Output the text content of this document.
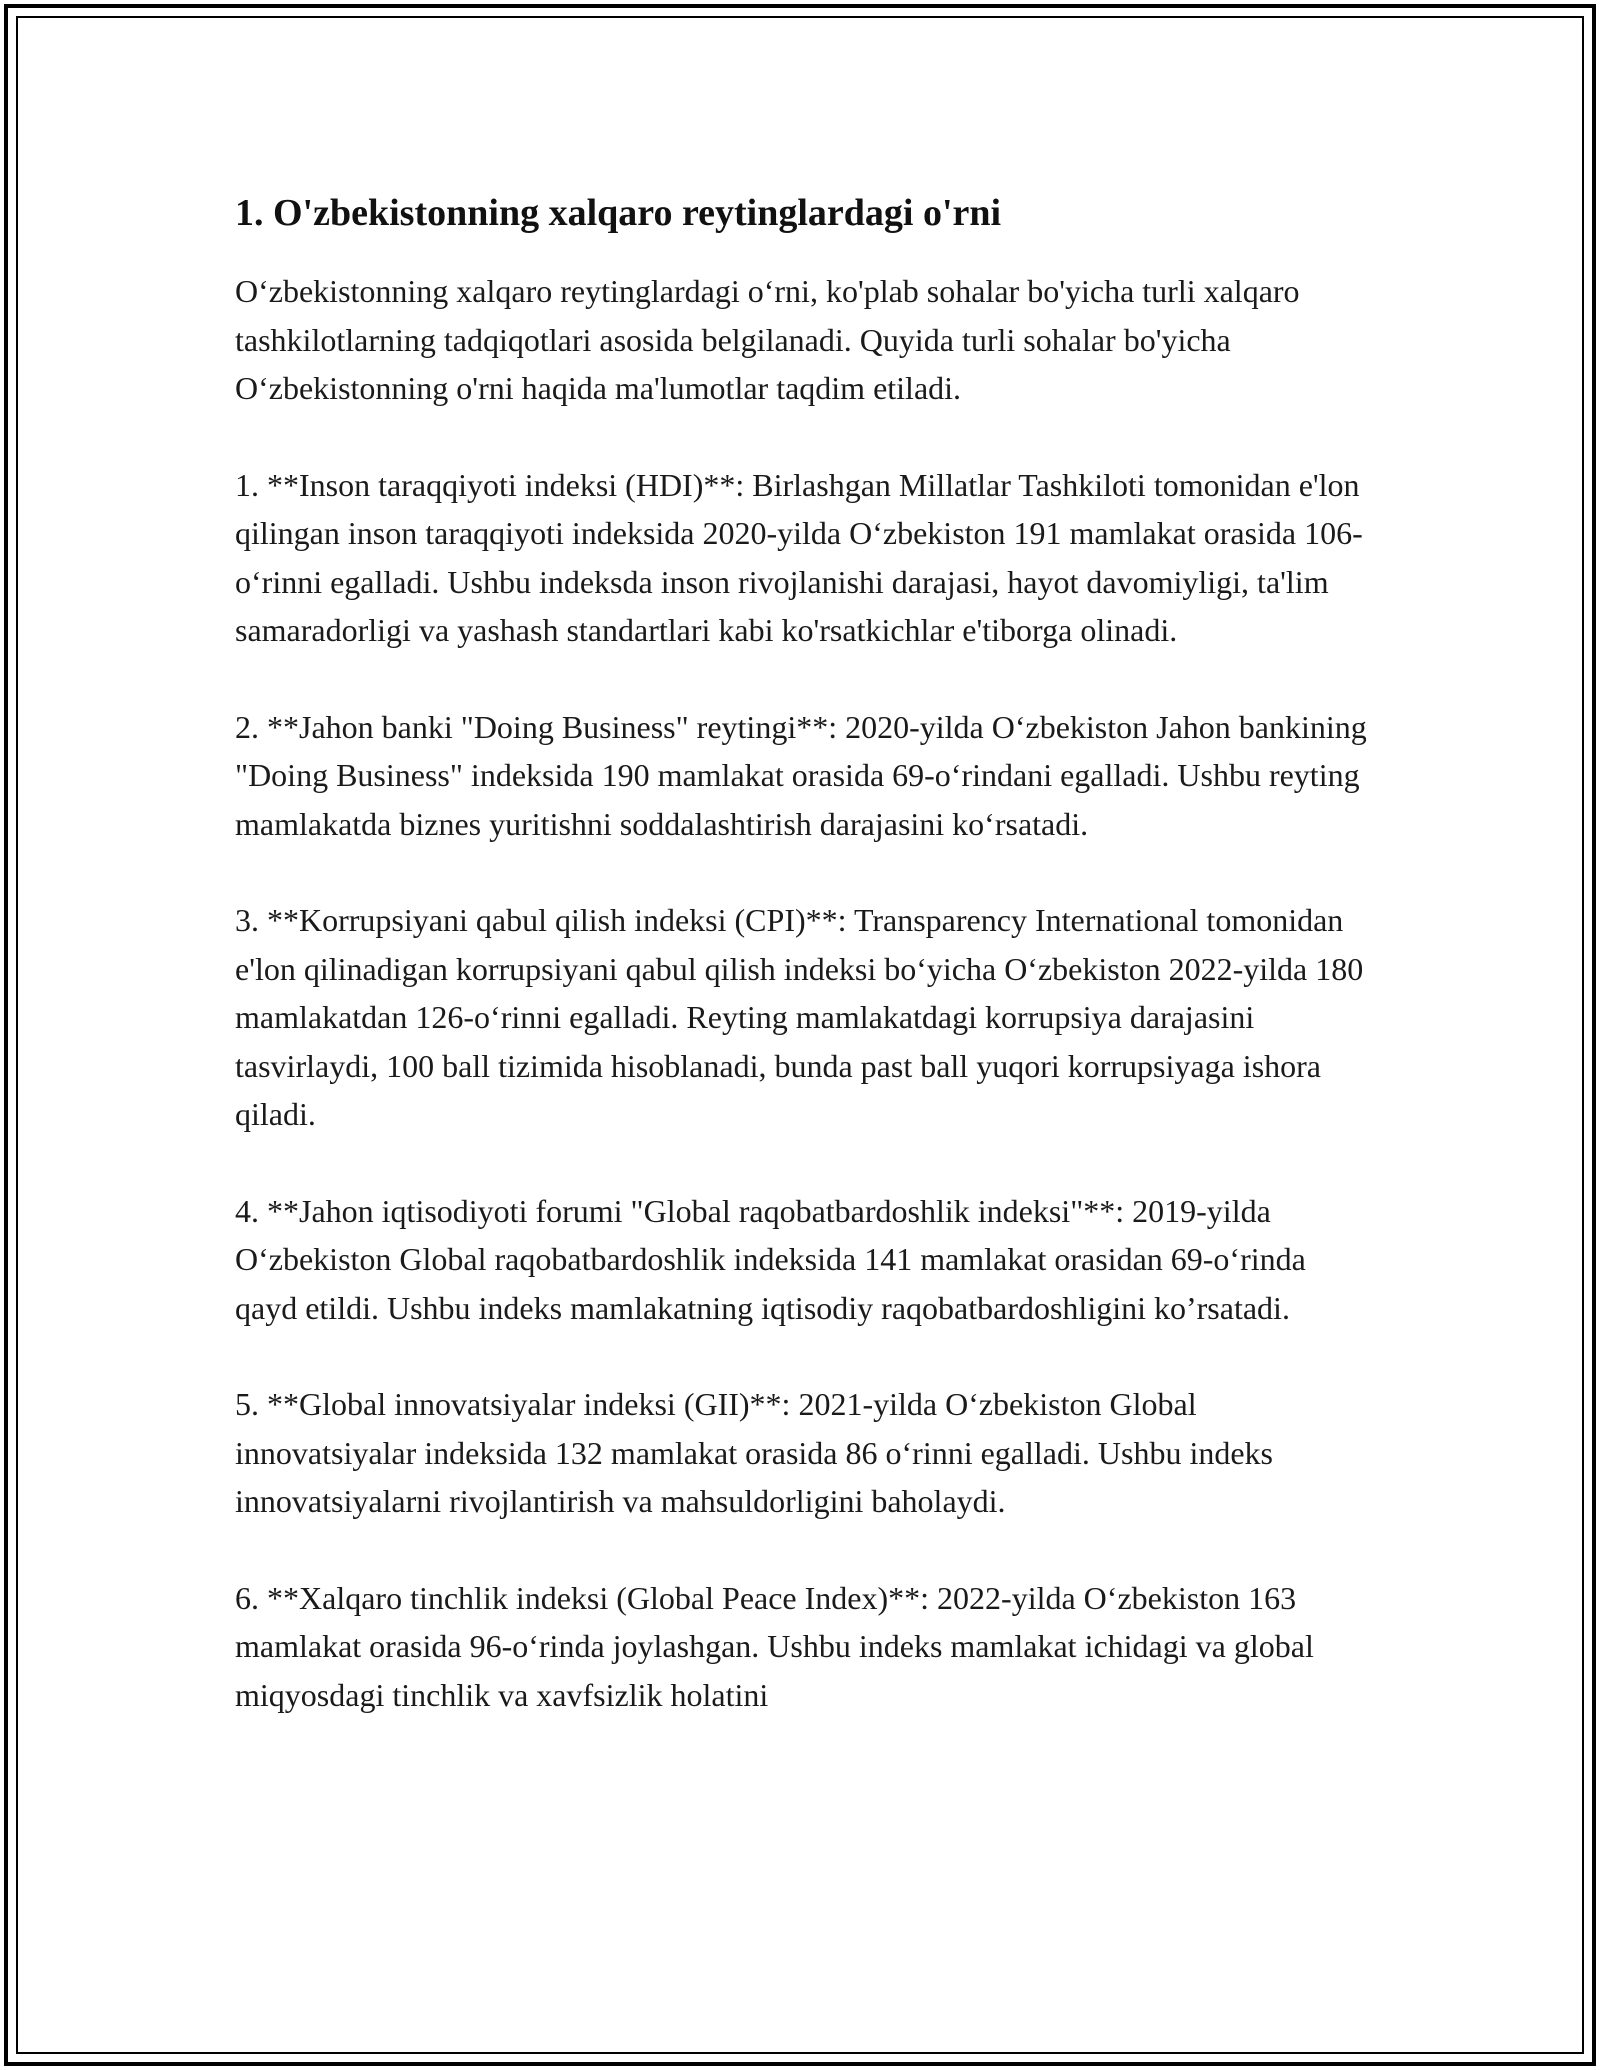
1. O'zbekistonning xalqaro reytinglardagi o'rni

O‘zbekistonning xalqaro reytinglardagi o‘rni, ko'plab sohalar bo'yicha turli xalqaro tashkilotlarning tadqiqotlari asosida belgilanadi. Quyida turli sohalar bo'yicha O‘zbekistonning o'rni haqida ma'lumotlar taqdim etiladi.

1. **Inson taraqqiyoti indeksi (HDI)**: Birlashgan Millatlar Tashkiloti tomonidan e'lon qilingan inson taraqqiyoti indeksida 2020-yilda O‘zbekiston 191 mamlakat orasida 106-o‘rinni egalladi. Ushbu indeksda inson rivojlanishi darajasi, hayot davomiyligi, ta'lim samaradorligi va yashash standartlari kabi ko'rsatkichlar e'tiborga olinadi.

2. **Jahon banki "Doing Business" reytingi**: 2020-yilda O‘zbekiston Jahon bankining "Doing Business" indeksida 190 mamlakat orasida 69-o‘rindani egalladi. Ushbu reyting mamlakatda biznes yuritishni soddalashtirish darajasini ko‘rsatadi.

3. **Korrupsiyani qabul qilish indeksi (CPI)**: Transparency International tomonidan e'lon qilinadigan korrupsiyani qabul qilish indeksi bo‘yicha O‘zbekiston 2022-yilda 180 mamlakatdan 126-o‘rinni egalladi. Reyting mamlakatdagi korrupsiya darajasini tasvirlaydi, 100 ball tizimida hisoblanadi, bunda past ball yuqori korrupsiyaga ishora qiladi.

4. **Jahon iqtisodiyoti forumi "Global raqobatbardoshlik indeksi"**: 2019-yilda O‘zbekiston Global raqobatbardoshlik indeksida 141 mamlakat orasidan 69-o‘rinda qayd etildi. Ushbu indeks mamlakatning iqtisodiy raqobatbardoshligini ko’rsatadi.

5. **Global innovatsiyalar indeksi (GII)**: 2021-yilda O‘zbekiston Global innovatsiyalar indeksida 132 mamlakat orasida 86 o‘rinni egalladi. Ushbu indeks innovatsiyalarni rivojlantirish va mahsuldorligini baholaydi.

6. **Xalqaro tinchlik indeksi (Global Peace Index)**: 2022-yilda O‘zbekiston 163 mamlakat orasida 96-o‘rinda joylashgan. Ushbu indeks mamlakat ichidagi va global miqyosdagi tinchlik va xavfsizlik holatini
